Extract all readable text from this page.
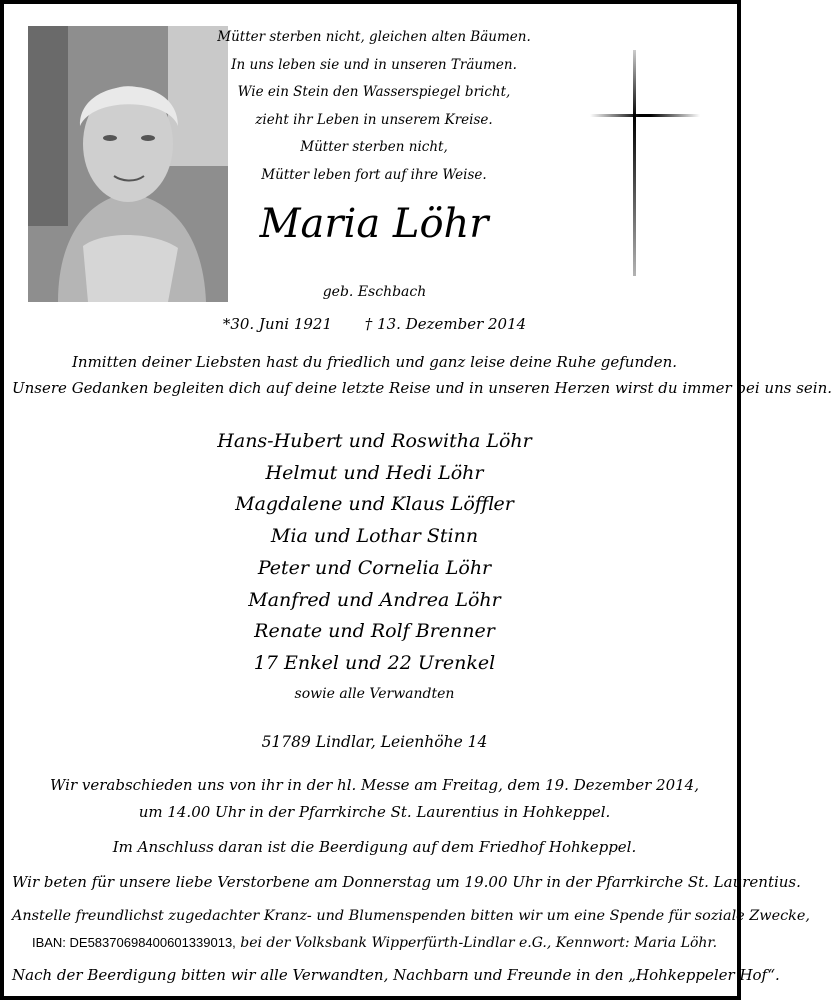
Mütter sterben nicht, gleichen alten Bäumen.
In uns leben sie und in unseren Träumen.
Wie ein Stein den Wasserspiegel bricht,
zieht ihr Leben in unserem Kreise.
Mütter sterben nicht,
Mütter leben fort auf ihre Weise.
Maria Löhr
geb. Eschbach
*30. Juni 1921 † 13. Dezember 2014
Inmitten deiner Liebsten hast du friedlich und ganz leise deine Ruhe gefunden.
Unsere Gedanken begleiten dich auf deine letzte Reise und in unseren Herzen wirst du immer bei uns sein.
Hans-Hubert und Roswitha Löhr
Helmut und Hedi Löhr
Magdalene und Klaus Löffler
Mia und Lothar Stinn
Peter und Cornelia Löhr
Manfred und Andrea Löhr
Renate und Rolf Brenner
17 Enkel und 22 Urenkel
sowie alle Verwandten
51789 Lindlar, Leienhöhe 14
Wir verabschieden uns von ihr in der hl. Messe am Freitag, dem 19. Dezember 2014,
um 14.00 Uhr in der Pfarrkirche St. Laurentius in Hohkeppel.
Im Anschluss daran ist die Beerdigung auf dem Friedhof Hohkeppel.
Wir beten für unsere liebe Verstorbene am Donnerstag um 19.00 Uhr in der Pfarrkirche St. Laurentius.
Anstelle freundlichst zugedachter Kranz- und Blumenspenden bitten wir um eine Spende für soziale Zwecke,
IBAN: DE58370698400601339013, bei der Volksbank Wipperfürth-Lindlar e.G., Kennwort: Maria Löhr.
Nach der Beerdigung bitten wir alle Verwandten, Nachbarn und Freunde in den „Hohkeppeler Hof“.
